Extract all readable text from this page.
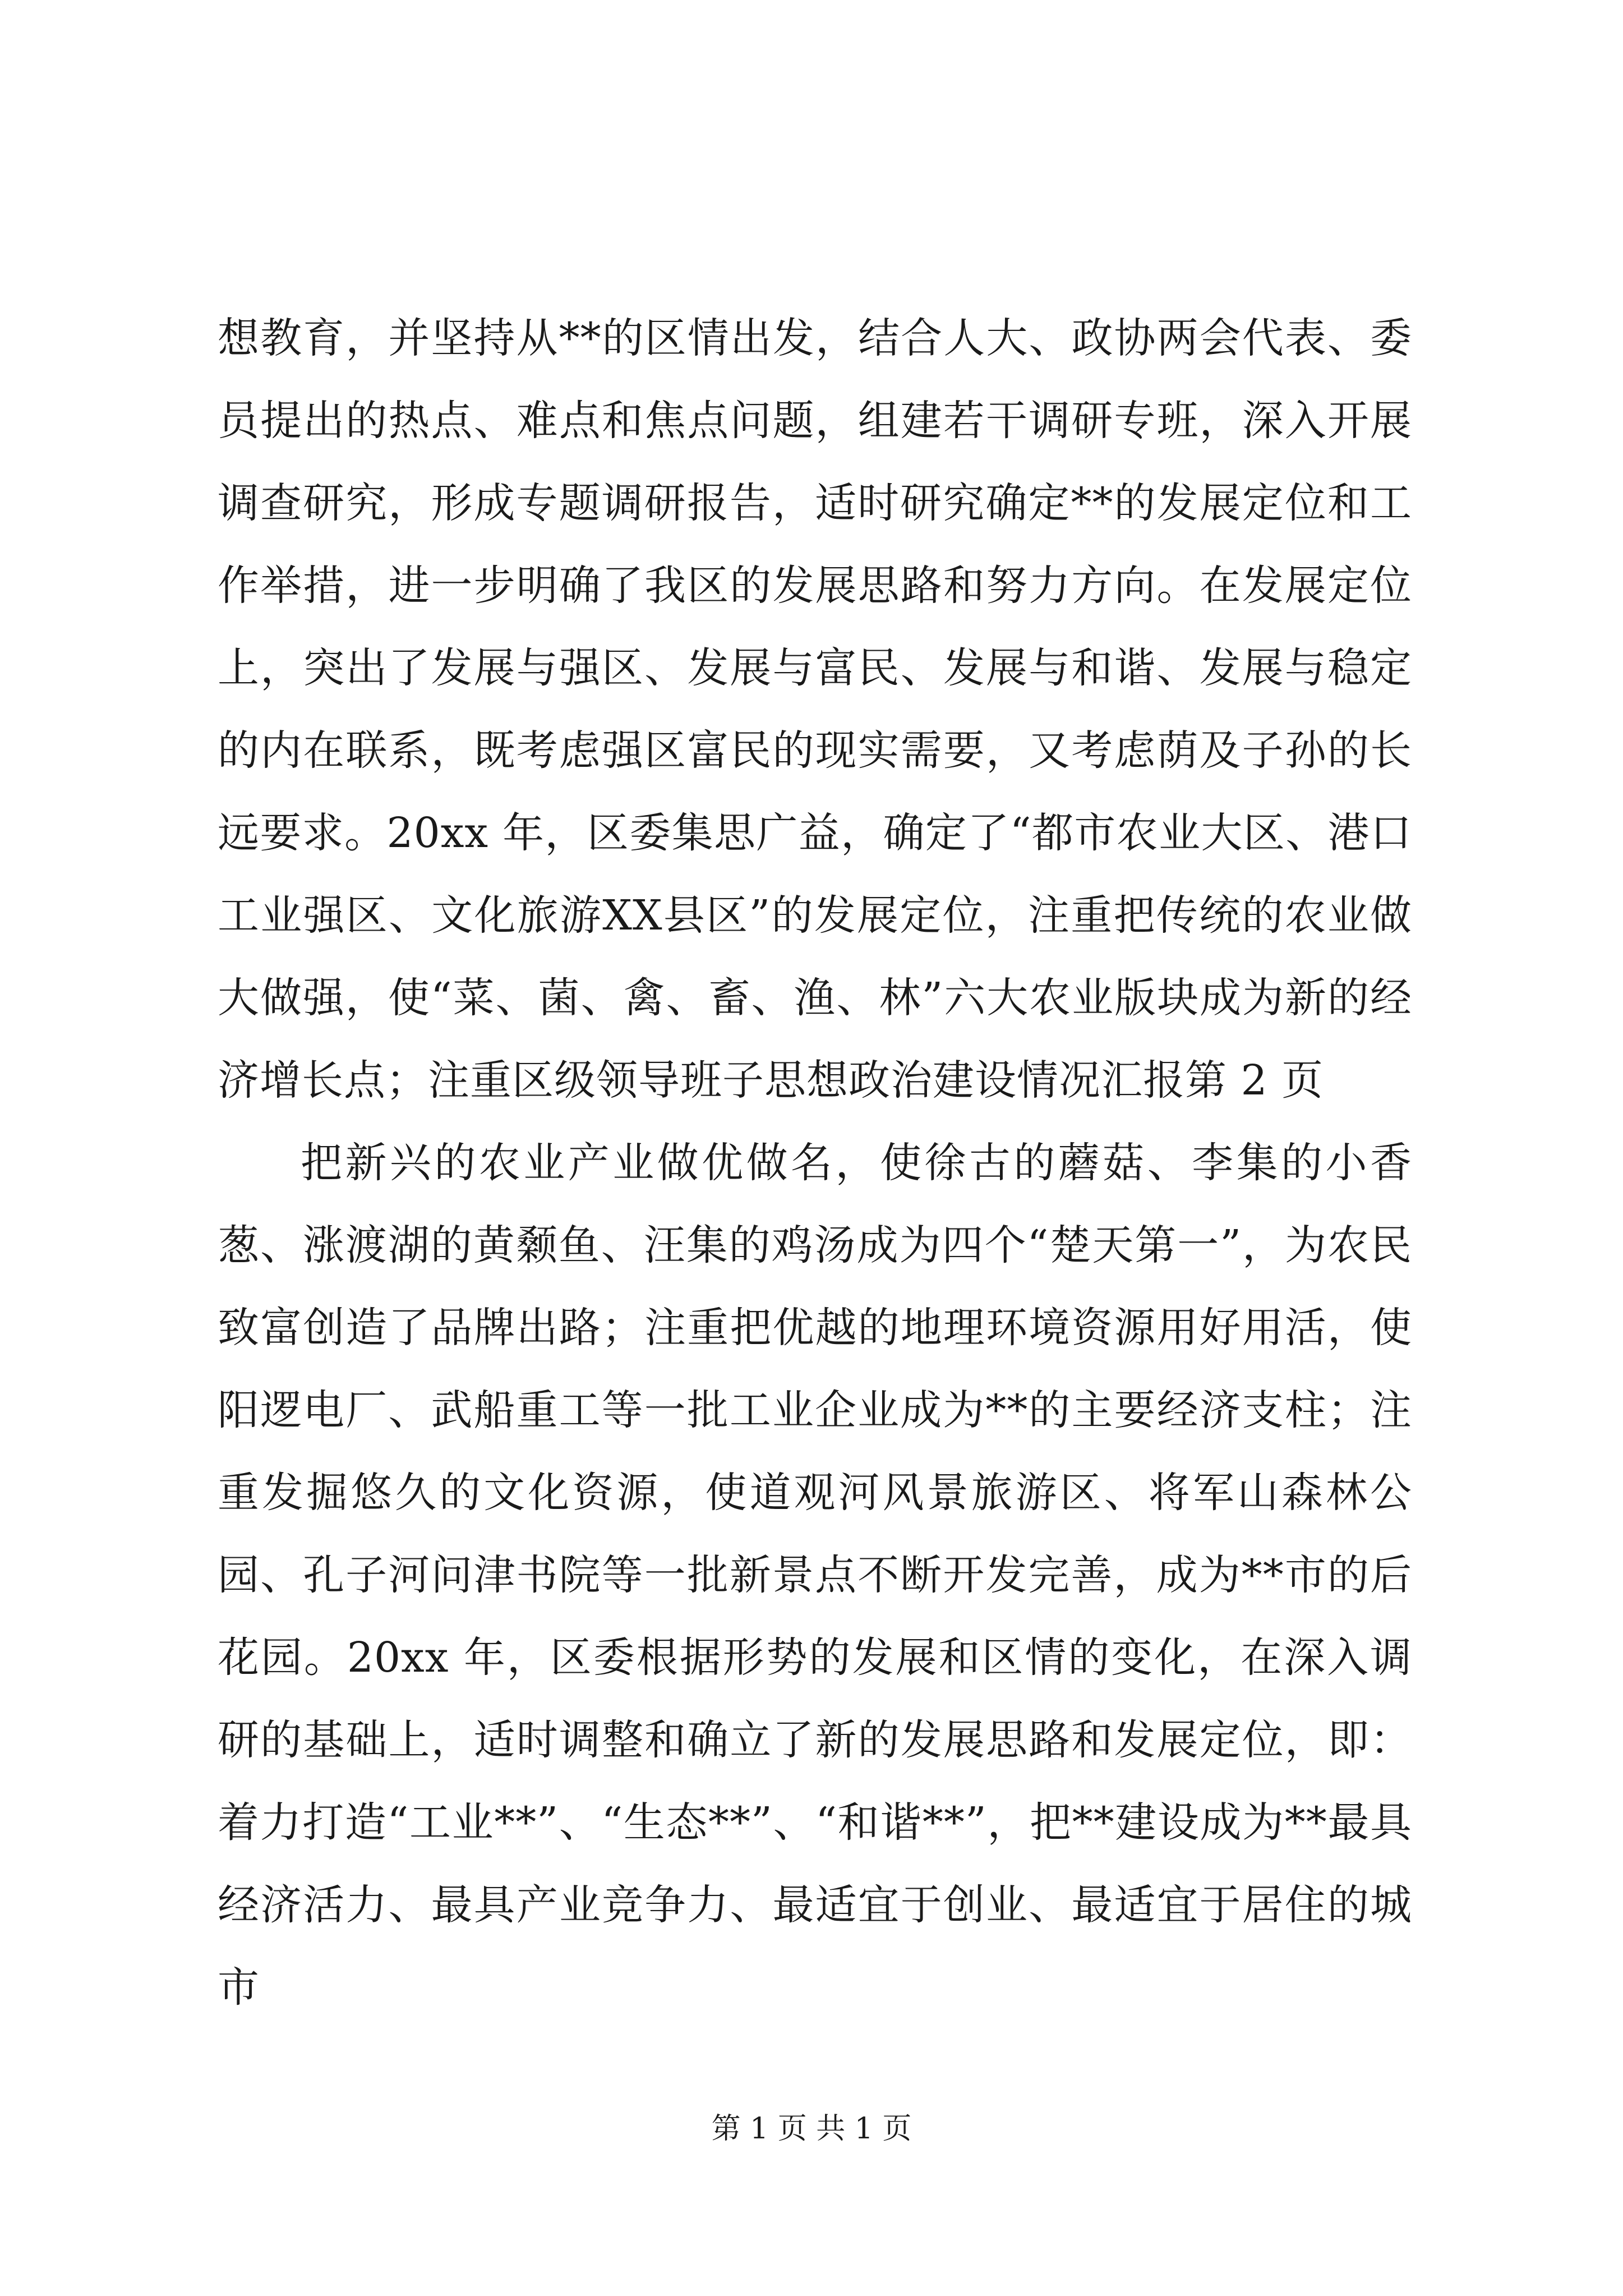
想教育，并坚持从**的区情出发，结合人大、政协两会代表、委员提出的热点、难点和焦点问题，组建若干调研专班，深入开展调查研究，形成专题调研报告，适时研究确定**的发展定位和工作举措，进一步明确了我区的发展思路和努力方向。在发展定位上，突出了发展与强区、发展与富民、发展与和谐、发展与稳定的内在联系，既考虑强区富民的现实需要，又考虑荫及子孙的长远要求。20xx 年，区委集思广益，确定了“都市农业大区、港口工业强区、文化旅游XX县区”的发展定位，注重把传统的农业做大做强，使“菜、菌、禽、畜、渔、林”六大农业版块成为新的经济增长点；注重区级领导班子思想政治建设情况汇报第 2 页

把新兴的农业产业做优做名，使徐古的蘑菇、李集的小香葱、涨渡湖的黄颡鱼、汪集的鸡汤成为四个“楚天第一”，为农民致富创造了品牌出路；注重把优越的地理环境资源用好用活，使阳逻电厂、武船重工等一批工业企业成为**的主要经济支柱；注重发掘悠久的文化资源，使道观河风景旅游区、将军山森林公园、孔子河问津书院等一批新景点不断开发完善，成为**市的后花园。20xx 年，区委根据形势的发展和区情的变化，在深入调研的基础上，适时调整和确立了新的发展思路和发展定位，即：着力打造“工业**”、“生态**”、“和谐**”，把**建设成为**最具经济活力、最具产业竞争力、最适宜于创业、最适宜于居住的城市

第 1 页 共 1 页
